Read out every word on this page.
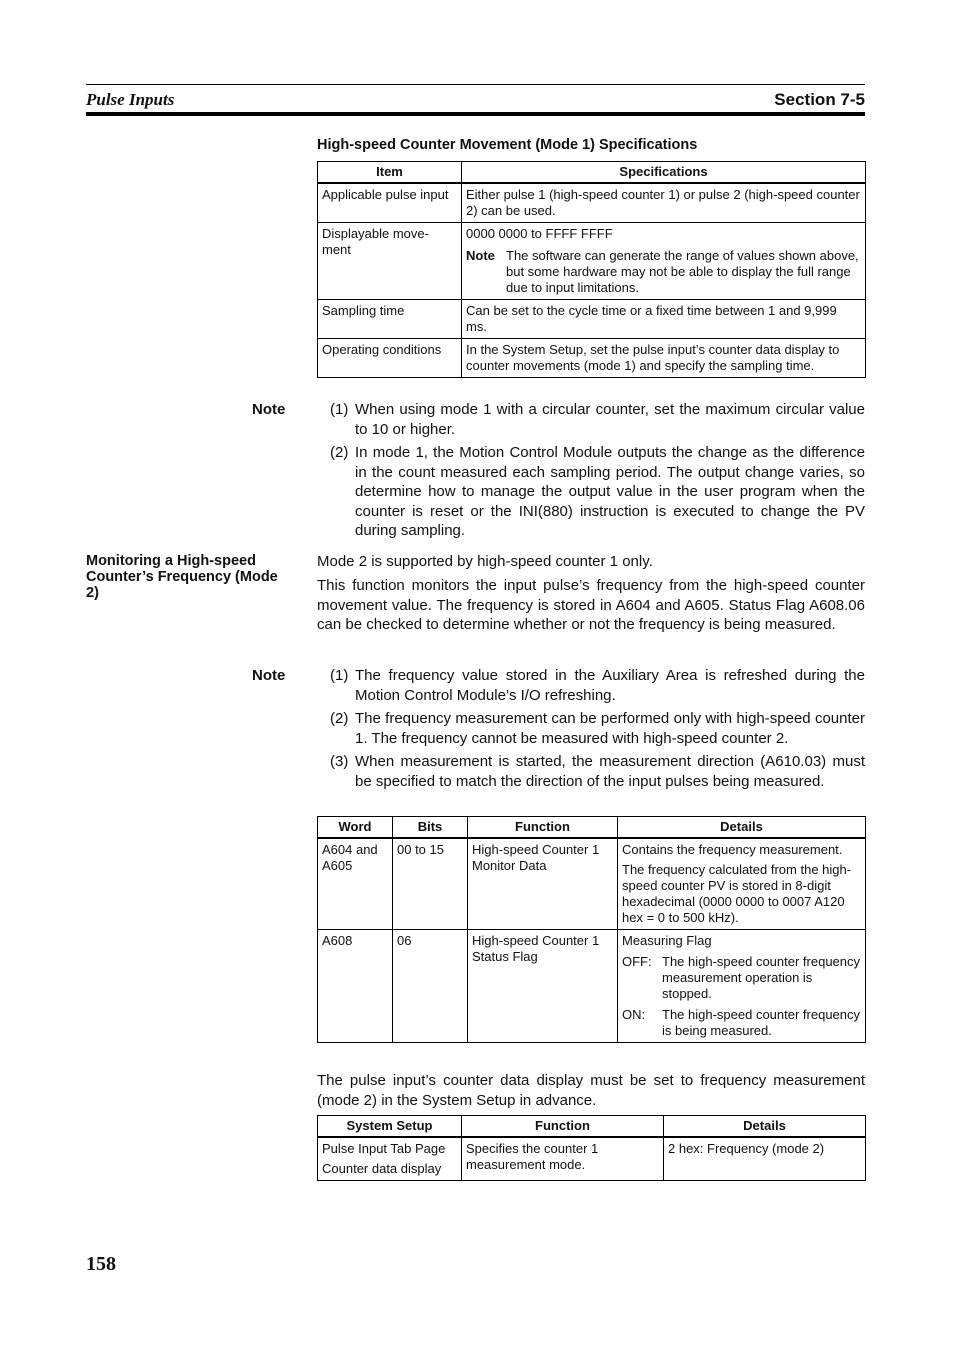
Pulse Inputs	Section 7-5
High-speed Counter Movement (Mode 1) Specifications
Item	Specifications
Applicable pulse input	Either pulse 1 (high-speed counter 1) or pulse 2 (high-speed counter 2) can be used.
Displayable move-ment	0000 0000 to FFFF FFFF
Note The software can generate the range of values shown above, but some hardware may not be able to display the full range due to input limitations.

Sampling time	Can be set to the cycle time or a fixed time between 1 and 9,999 ms.
Operating conditions	In the System Setup, set the pulse input’s counter data display to counter movements (mode 1) and specify the sampling time.
Note	(1) When using mode 1 with a circular counter, set the maximum circular value to 10 or higher.
(2) In mode 1, the Motion Control Module outputs the change as the difference in the count measured each sampling period. The output change varies, so determine how to manage the output value in the user program when the counter is reset or the INI(880) instruction is executed to change the PV during sampling.
Monitoring a High-speed Counter’s Frequency (Mode 2)
Mode 2 is supported by high-speed counter 1 only.
This function monitors the input pulse’s frequency from the high-speed counter movement value. The frequency is stored in A604 and A605. Status Flag A608.06 can be checked to determine whether or not the frequency is being measured.
Note	(1) The frequency value stored in the Auxiliary Area is refreshed during the Motion Control Module’s I/O refreshing.
(2) The frequency measurement can be performed only with high-speed counter 1. The frequency cannot be measured with high-speed counter 2.
(3) When measurement is started, the measurement direction (A610.03) must be specified to match the direction of the input pulses being measured.
Word	Bits	Function	Details
A604 and A605	00 to 15	High-speed Counter 1 Monitor Data	Contains the frequency measurement.
The frequency calculated from the high-speed counter PV is stored in 8-digit hexadecimal (0000 0000 to 0007 A120 hex = 0 to 500 kHz).

A608	06	High-speed Counter 1 Status Flag	Measuring Flag
OFF: The high-speed counter frequency measurement operation is stopped.
ON: The high-speed counter frequency is being measured.
The pulse input’s counter data display must be set to frequency measurement (mode 2) in the System Setup in advance.
System Setup	Function	Details

Pulse Input Tab Page
Counter data display	Specifies the counter 1 measurement mode.	2 hex: Frequency (mode 2)
158
